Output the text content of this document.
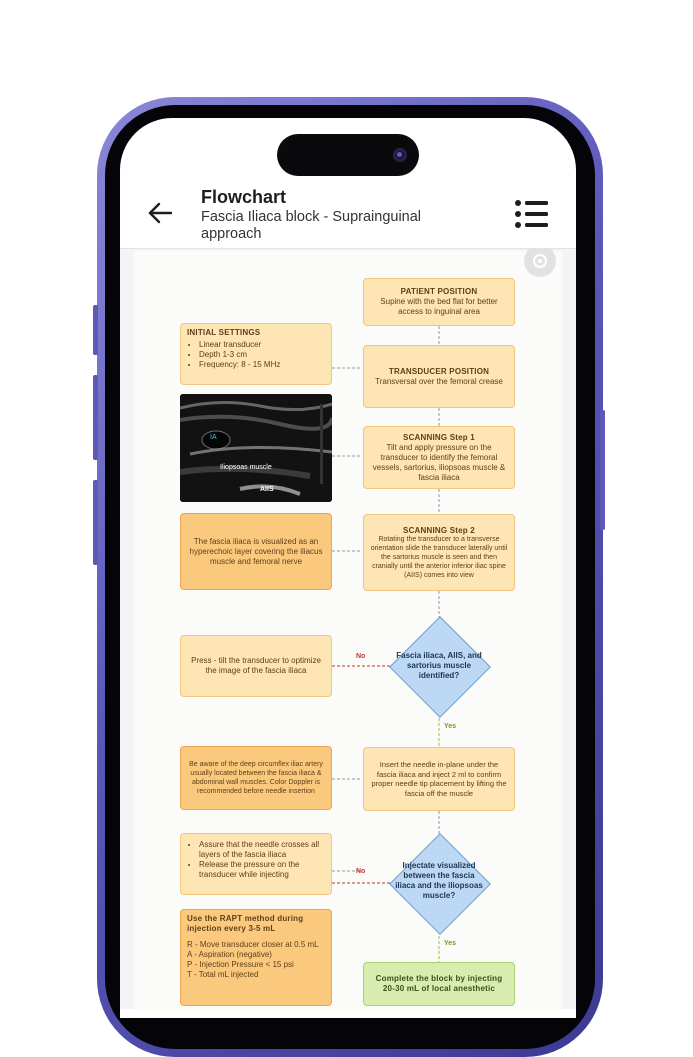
Flowchart
Fascia Iliaca block - Suprainguinal approach
PATIENT POSITION
Supine with the bed flat for better access to inguinal area
TRANSDUCER POSITION
Transversal over the femoral crease
SCANNING Step 1
Tilt and apply pressure on the transducer to identify the femoral vessels, sartorius, iliopsoas muscle & fascia iliaca
SCANNING Step 2
Rotating the transducer to a transverse orientation slide the transducer laterally until the sartorius muscle is seen and then cranially until the anterior inferior iliac spine (AIIS) comes into view
Fascia iliaca, AIIS, and sartorius muscle identified?
No
Yes
Insert the needle in-plane under the fascia iliaca and inject 2 ml to confirm proper needle tip placement by lifting the fascia off the muscle
Injectate visualized between the fascia iliaca and the iliopsoas muscle?
No
Yes
Complete the block by injecting 20-30 mL of local anesthetic
INITIAL SETTINGS
• Linear transducer
• Depth 1-3 cm
• Frequency: 8 - 15 MHz
IA
Iliopsoas muscle
AIIS
The fascia iliaca is visualized as an hyperechoic layer covering the iliacus muscle and femoral nerve
Press - tilt the transducer to optimize the image of the fascia iliaca
Be aware of the deep circumflex iliac artery usually located between the fascia iliaca & abdominal wall muscles. Color Doppler is recommended before needle insertion
• Assure that the needle crosses all layers of the fascia iliaca
• Release the pressure on the transducer while injecting
Use the RAPT method during injection every 3-5 mL
R - Move transducer closer at 0.5 mL
A - Aspiration (negative)
P - Injection Pressure < 15 psi
T - Total mL injected
